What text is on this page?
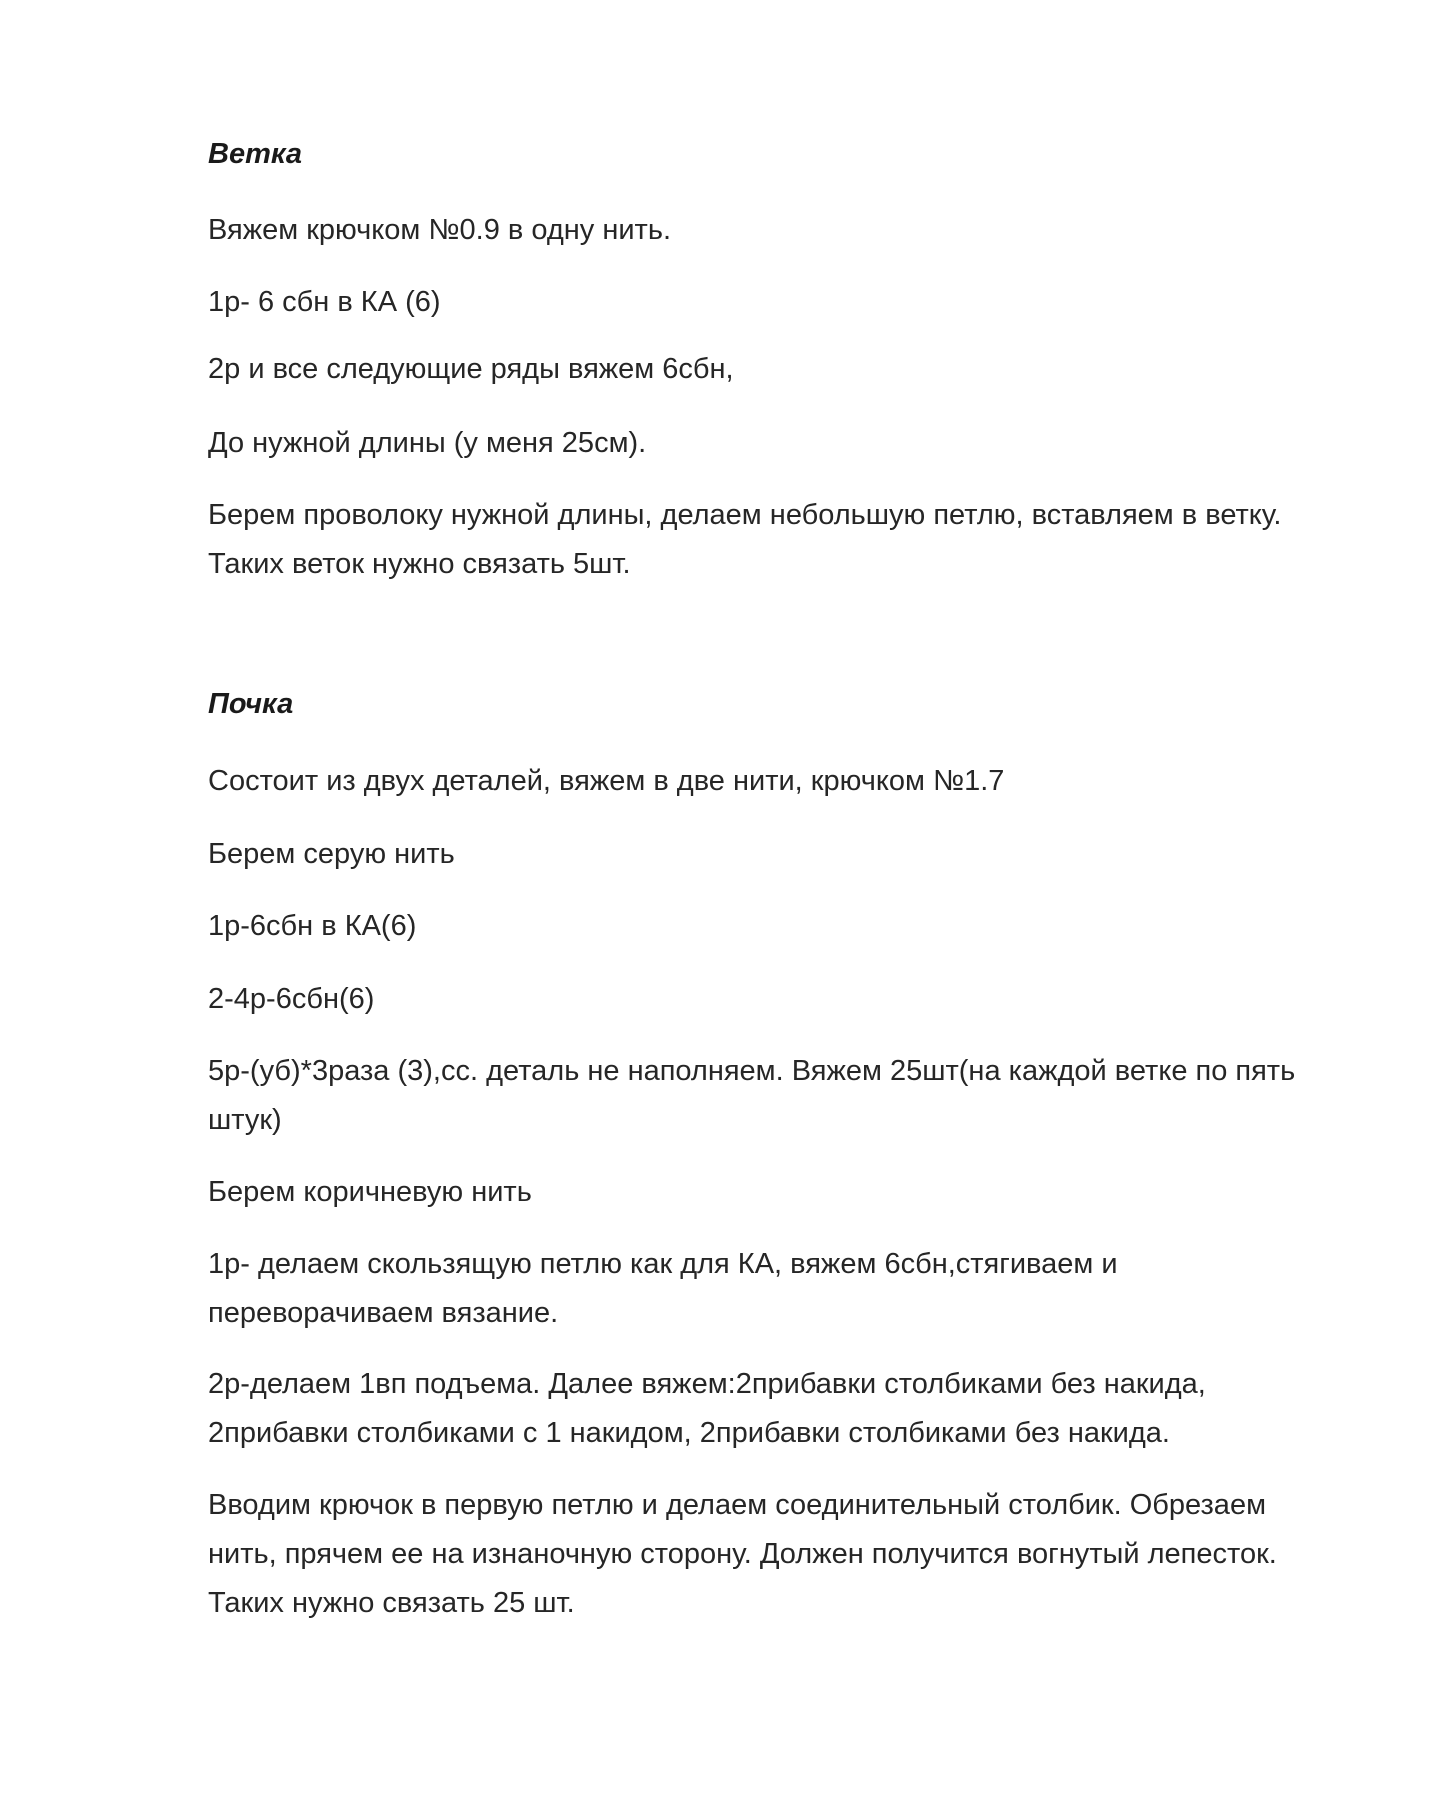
Ветка

Вяжем крючком №0.9 в одну нить.

1р- 6 сбн в КА (6)

2р и все следующие ряды вяжем 6сбн,

До нужной длины (у меня 25см).

Берем проволоку нужной длины, делаем небольшую петлю, вставляем в ветку. Таких веток нужно связать 5шт.

Почка

Состоит из двух деталей, вяжем в две нити, крючком №1.7

Берем серую нить

1р-6сбн в КА(6)

2-4р-6сбн(6)

5р-(уб)*3раза (3),сс. деталь не наполняем. Вяжем 25шт(на каждой ветке по пять штук)

Берем коричневую нить

1р- делаем скользящую петлю как для КА, вяжем 6сбн,стягиваем и переворачиваем вязание.

2р-делаем 1вп подъема. Далее вяжем:2прибавки столбиками без накида, 2прибавки столбиками с 1 накидом, 2прибавки столбиками без накида.

Вводим крючок в первую петлю и делаем соединительный столбик. Обрезаем нить, прячем ее на изнаночную сторону. Должен получится вогнутый лепесток. Таких нужно связать 25 шт.
